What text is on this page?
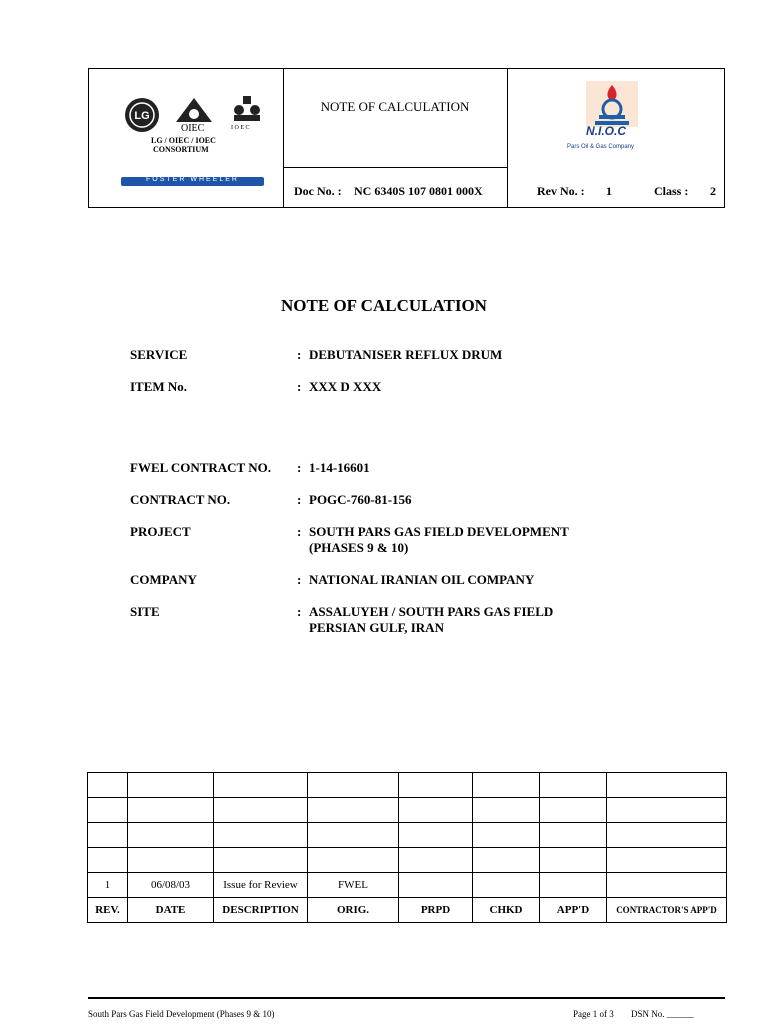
LG
OIEC	I O E C
LG / OIEC / IOEC
CONSORTIUM
FOSTER WHEELER
NOTE OF CALCULATION
Doc No. : NC 6340S 107 0801 000X	Rev No. : 1	Class : 2
N.I.O.C
Pars Oil & Gas Company
NOTE OF CALCULATION
SERVICE	: DEBUTANISER REFLUX DRUM
ITEM No.	: XXX D XXX
FWEL CONTRACT NO. : 1-14-16601
CONTRACT NO.	: POGC-760-81-156
PROJECT	: SOUTH PARS GAS FIELD DEVELOPMENT
(PHASES 9 & 10)
COMPANY	: NATIONAL IRANIAN OIL COMPANY
SITE	: ASSALUYEH / SOUTH PARS GAS FIELD
PERSIAN GULF, IRAN

1	06/08/03	Issue for Review	FWEL				
REV.	DATE	DESCRIPTION	ORIG.	PRPD	CHKD	APP'D	CONTRACTOR'S APP'D
South Pars Gas Field Development (Phases 9 & 10)	Page 1 of 3 DSN No. ______
